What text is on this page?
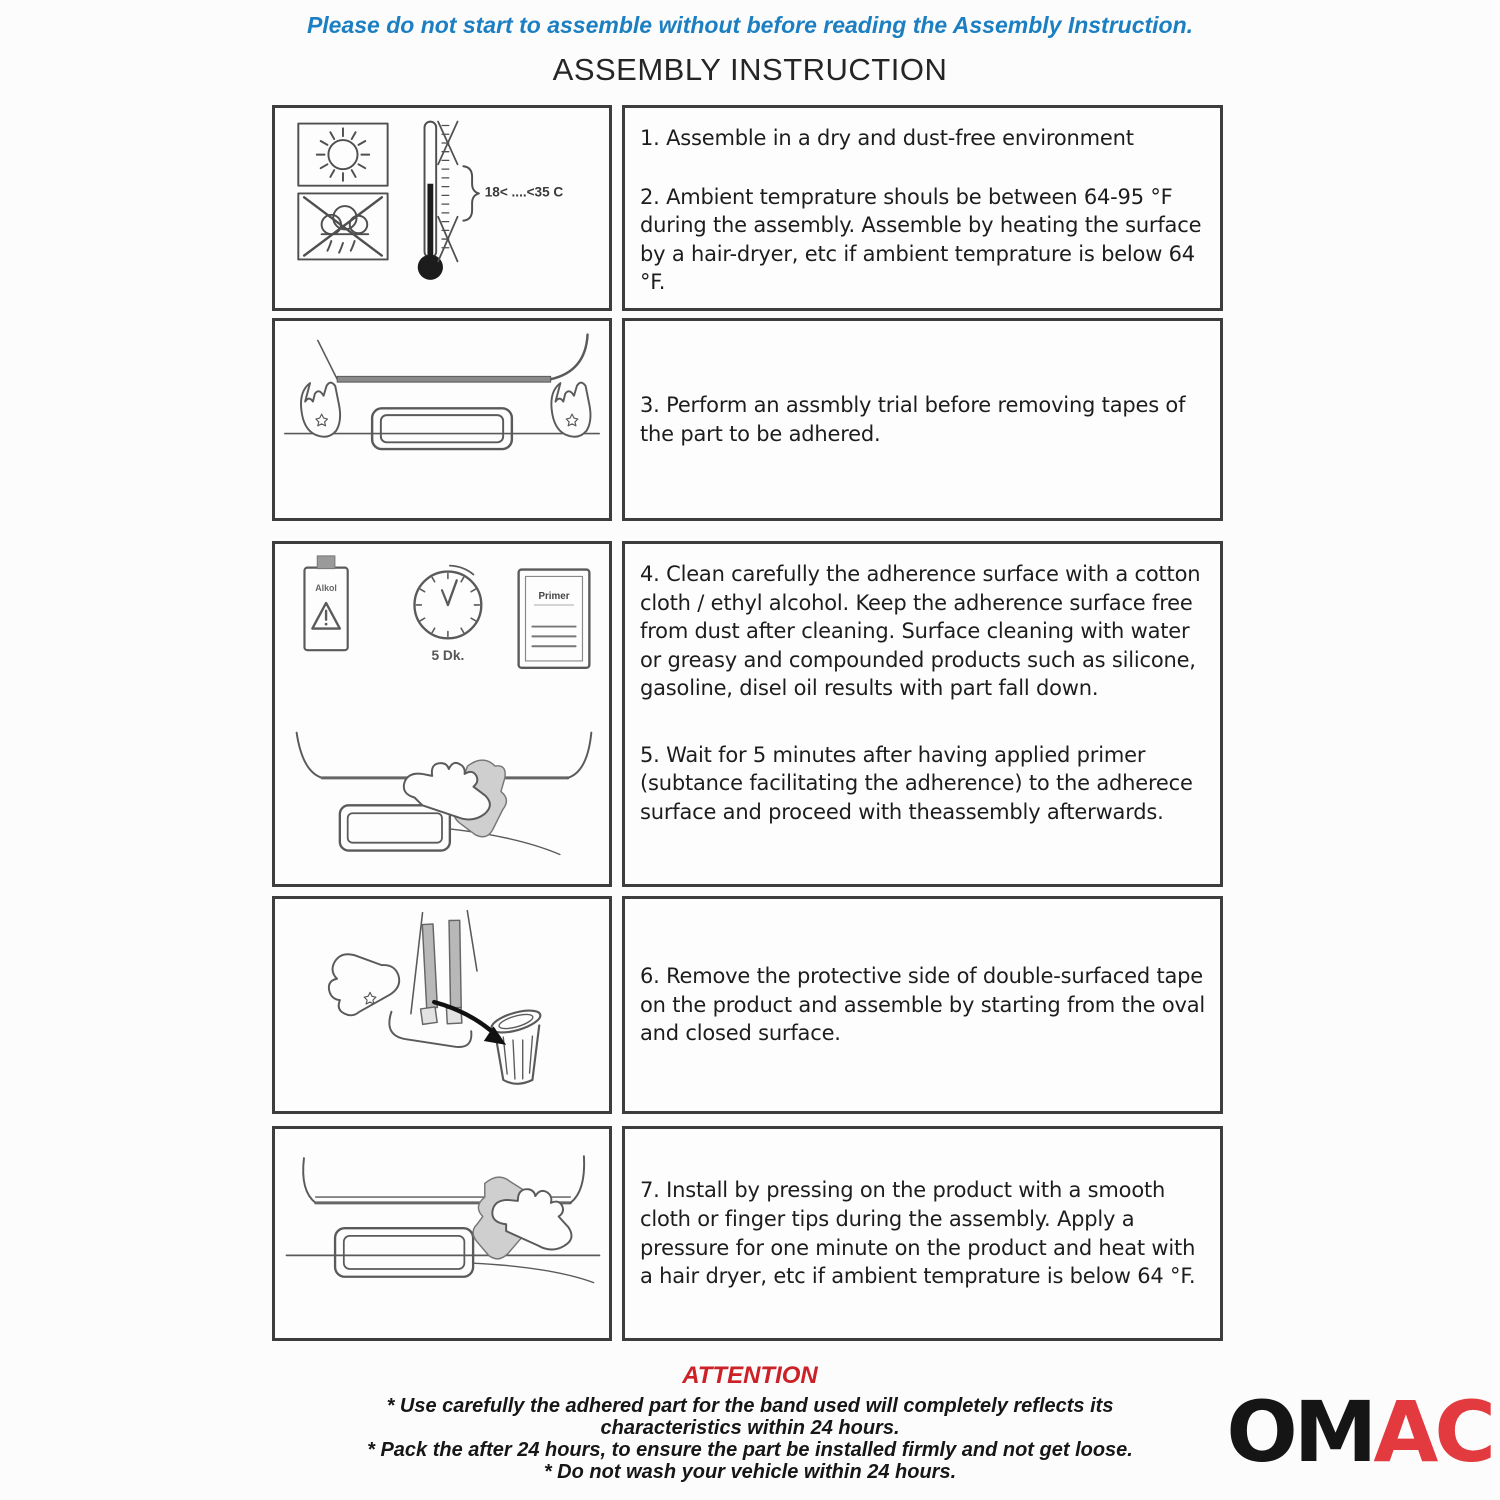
Please do not start to assemble without before reading the Assembly Instruction.
ASSEMBLY INSTRUCTION
18< ....<35 C

1. Assemble in a dry and dust-free environment

2. Ambient temprature shouls be between 64-95 °F during the assembly. Assemble by heating the surface by a hair-dryer, etc if ambient temprature is below 64 °F.

3. Perform an assmbly trial before removing tapes of the part to be adhered.

Alkol
5 Dk.
Primer

4. Clean carefully the adherence surface with a cotton cloth / ethyl alcohol. Keep the adherence surface free from dust after cleaning. Surface cleaning with water or greasy and compounded products such as silicone, gasoline, disel oil results with part fall down.

5. Wait for 5 minutes after having applied primer (subtance facilitating the adherence) to the adherece surface and proceed with theassembly afterwards.

6. Remove the protective side of double-surfaced tape on the product and assemble by starting from the oval and closed surface.

7. Install by pressing on the product with a smooth cloth or finger tips during the assembly. Apply a pressure for one minute on the product and heat with a hair dryer, etc if ambient temprature is below 64 °F.

ATTENTION
* Use carefully the adhered part for the band used will completely reflects its characteristics within 24 hours.
* Pack the after 24 hours, to ensure the part be installed firmly and not get loose.
* Do not wash your vehicle within 24 hours.	OMAC
